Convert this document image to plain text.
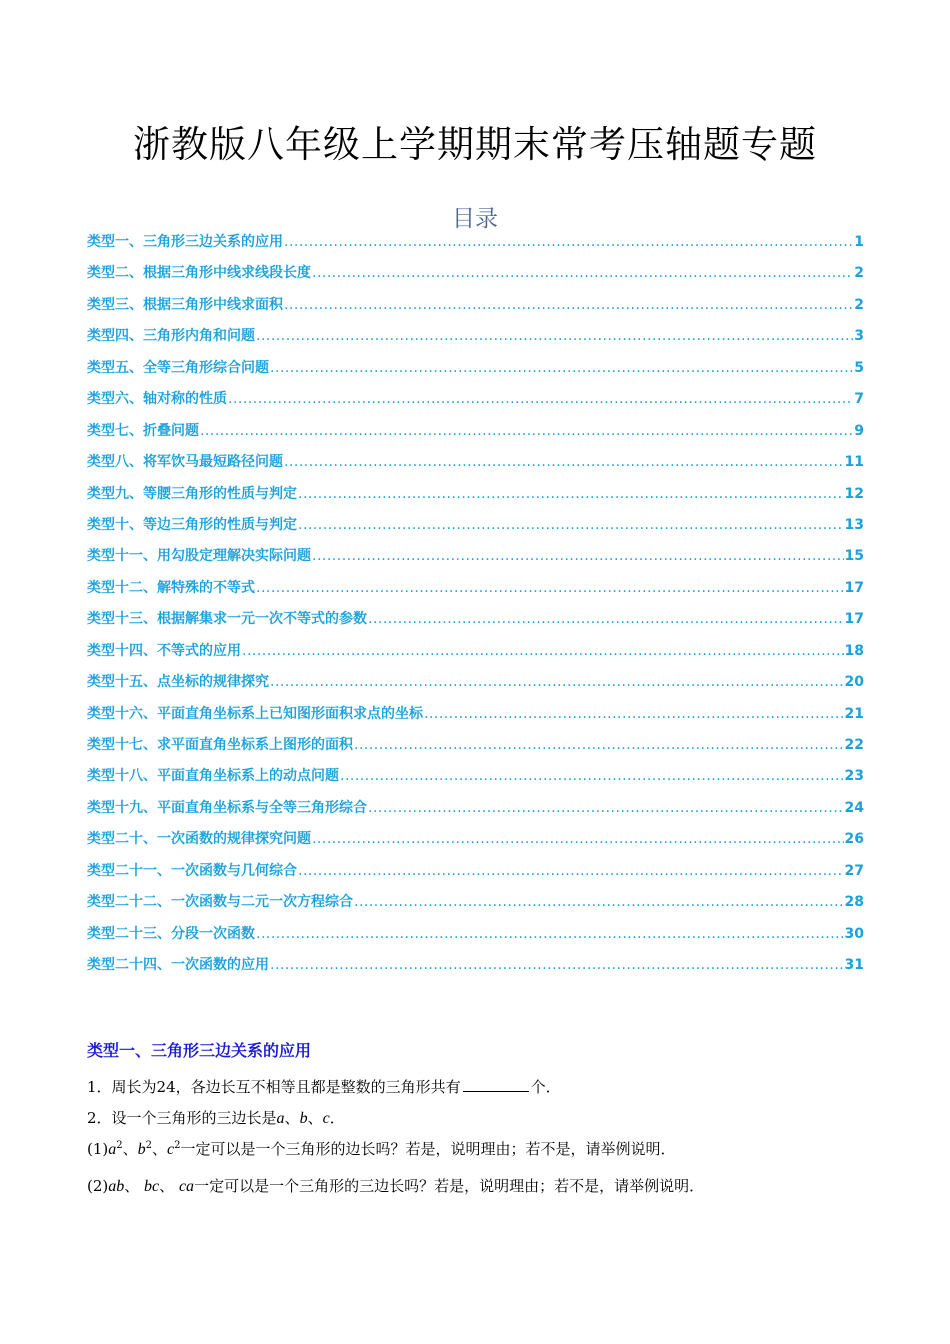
浙教版八年级上学期期末常考压轴题专题
目录
类型一、三角形三边关系的应用 .....	1
类型二、根据三角形中线求线段长度 .....	2
类型三、根据三角形中线求面积 .....	2
类型四、三角形内角和问题 .....	3
类型五、全等三角形综合问题 .....	5
类型六、轴对称的性质 .....	7
类型七、折叠问题 .....	9
类型八、将军饮马最短路径问题 .....	11
类型九、等腰三角形的性质与判定 .....	12
类型十、等边三角形的性质与判定 .....	13
类型十一、用勾股定理解决实际问题 .....	15
类型十二、解特殊的不等式 .....	17
类型十三、根据解集求一元一次不等式的参数 .....	17
类型十四、不等式的应用 .....	18
类型十五、点坐标的规律探究 .....	20
类型十六、平面直角坐标系上已知图形面积求点的坐标 .....	21
类型十七、求平面直角坐标系上图形的面积 .....	22
类型十八、平面直角坐标系上的动点问题 .....	23
类型十九、平面直角坐标系与全等三角形综合 .....	24
类型二十、一次函数的规律探究问题 .....	26
类型二十一、一次函数与几何综合 .....	27
类型二十二、一次函数与二元一次方程综合 .....	28
类型二十三、分段一次函数 .....	30
类型二十四、一次函数的应用 .....	31
类型一、三角形三边关系的应用
1．周长为24，各边长互不相等且都是整数的三角形共有	个．
2．设一个三角形的三边长是a、b、c．
$(1)a^2$、$b^2$、$c^2$一定可以是一个三角形的边长吗？若是，说明理由；若不是，请举例说明．
(2)ab、 bc、 ca一定可以是一个三角形的三边长吗？若是，说明理由；若不是，请举例说明．
